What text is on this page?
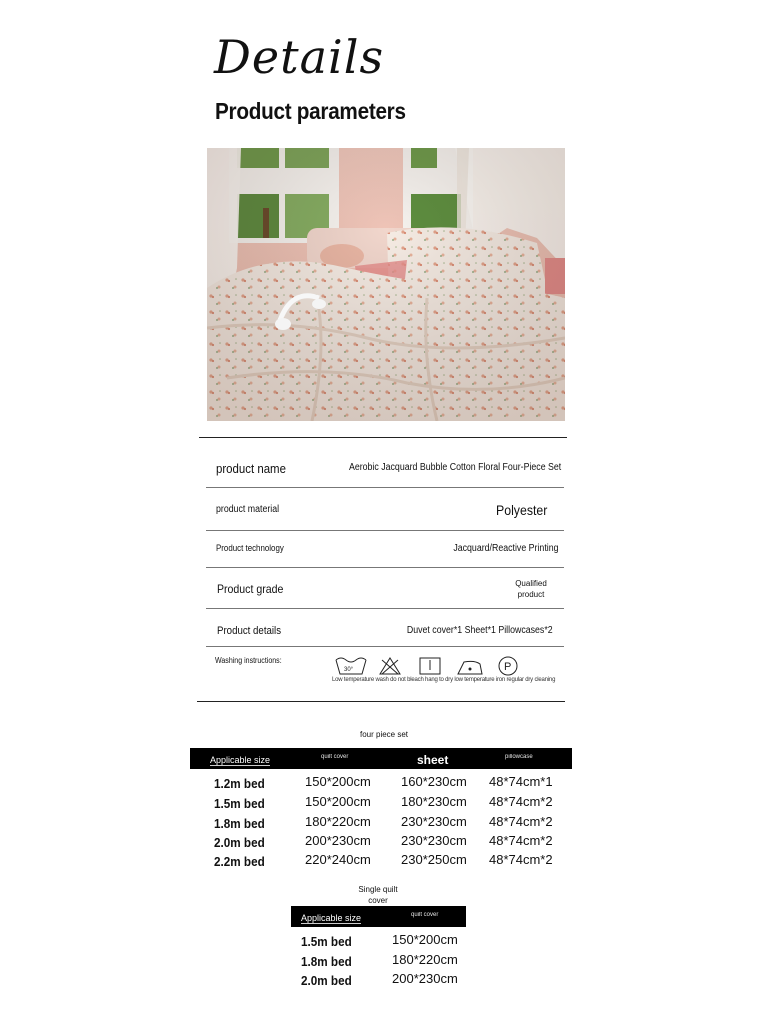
Details
Product parameters
product name	Aerobic Jacquard Bubble Cotton Floral Four-Piece Set
product material	Polyester
Product technology	Jacquard/Reactive Printing
Product grade	Qualified
product
Product details	Duvet cover*1 Sheet*1 Pillowcases*2
Washing instructions:
30°	P
Low temperature wash do not bleach hang to dry low temperature iron regular dry cleaning
four piece set
Applicable size	quilt cover	sheet	pillowcase
1.2m bed	150*200cm 160*230cm 48*74cm*1
1.5m bed	150*200cm 180*230cm 48*74cm*2
1.8m bed	180*220cm 230*230cm 48*74cm*2
2.0m bed	200*230cm 230*230cm 48*74cm*2
2.2m bed	220*240cm 230*250cm 48*74cm*2
Single quilt
cover
Applicable size	quilt cover
1.5m bed	150*200cm
1.8m bed	180*220cm
2.0m bed	200*230cm
